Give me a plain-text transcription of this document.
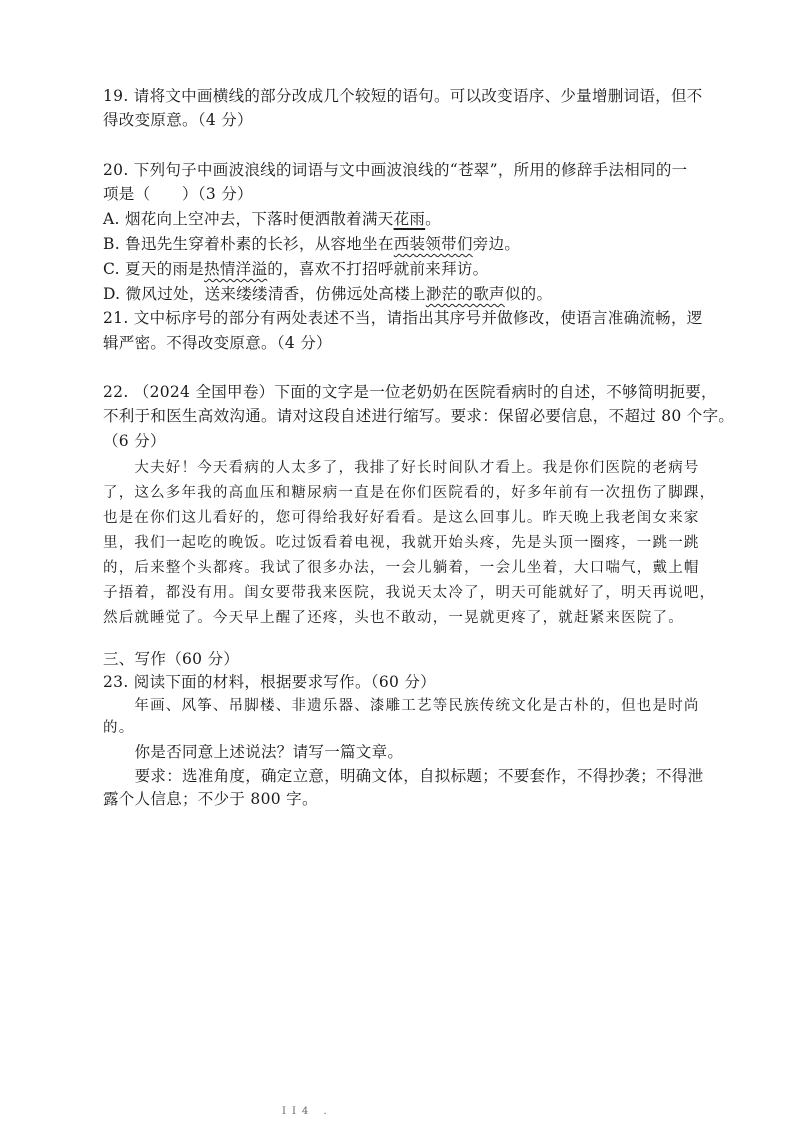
19. 请将文中画横线的部分改成几个较短的语句。可以改变语序、少量增删词语，但不
得改变原意。（4 分）
20. 下列句子中画波浪线的词语与文中画波浪线的“苍翠”，所用的修辞手法相同的一
项是（　　）（3 分）
A. 烟花向上空冲去，下落时便洒散着满天花雨。
B. 鲁迅先生穿着朴素的长衫，从容地坐在西装领带们旁边。
C. 夏天的雨是热情洋溢的，喜欢不打招呼就前来拜访。
D. 微风过处，送来缕缕清香，仿佛远处高楼上渺茫的歌声似的。
21. 文中标序号的部分有两处表述不当，请指出其序号并做修改，使语言准确流畅，逻
辑严密。不得改变原意。（4 分）
22. （2024 全国甲卷）下面的文字是一位老奶奶在医院看病时的自述，不够简明扼要，
不利于和医生高效沟通。请对这段自述进行缩写。要求：保留必要信息，不超过 80 个字。
（6 分）
　　大夫好！今天看病的人太多了，我排了好长时间队才看上。我是你们医院的老病号
了，这么多年我的高血压和糖尿病一直是在你们医院看的，好多年前有一次扭伤了脚踝，
也是在你们这儿看好的，您可得给我好好看看。是这么回事儿。昨天晚上我老闺女来家
里，我们一起吃的晚饭。吃过饭看着电视，我就开始头疼，先是头顶一圈疼，一跳一跳
的，后来整个头都疼。我试了很多办法，一会儿躺着，一会儿坐着，大口喘气，戴上帽
子捂着，都没有用。闺女要带我来医院，我说天太冷了，明天可能就好了，明天再说吧，
然后就睡觉了。今天早上醒了还疼，头也不敢动，一晃就更疼了，就赶紧来医院了。
三、写作（60 分）
23. 阅读下面的材料，根据要求写作。（60 分）
　　年画、风筝、吊脚楼、非遗乐器、漆雕工艺等民族传统文化是古朴的，但也是时尚
的。
　　你是否同意上述说法？请写一篇文章。
　　要求：选准角度，确定立意，明确文体，自拟标题；不要套作，不得抄袭；不得泄
露个人信息；不少于 800 字。
II4 .
